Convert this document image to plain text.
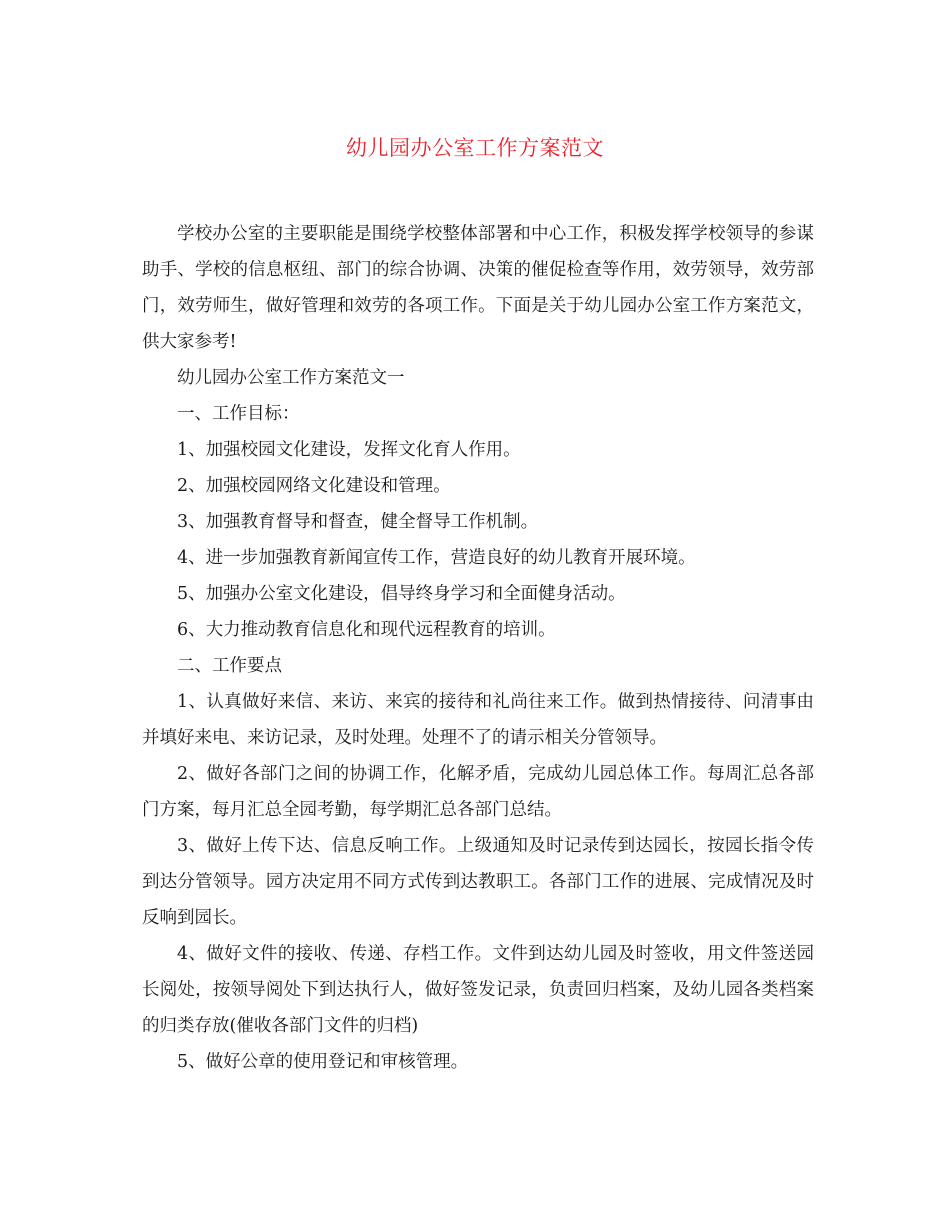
幼儿园办公室工作方案范文

学校办公室的主要职能是围绕学校整体部署和中心工作，积极发挥学校领导的参谋助手、学校的信息枢纽、部门的综合协调、决策的催促检查等作用，效劳领导，效劳部门，效劳师生，做好管理和效劳的各项工作。下面是关于幼儿园办公室工作方案范文，供大家参考!

幼儿园办公室工作方案范文一

一、工作目标：

1、加强校园文化建设，发挥文化育人作用。

2、加强校园网络文化建设和管理。

3、加强教育督导和督查，健全督导工作机制。

4、进一步加强教育新闻宣传工作，营造良好的幼儿教育开展环境。

5、加强办公室文化建设，倡导终身学习和全面健身活动。

6、大力推动教育信息化和现代远程教育的培训。

二、工作要点

1、认真做好来信、来访、来宾的接待和礼尚往来工作。做到热情接待、问清事由并填好来电、来访记录，及时处理。处理不了的请示相关分管领导。

2、做好各部门之间的协调工作，化解矛盾，完成幼儿园总体工作。每周汇总各部门方案，每月汇总全园考勤，每学期汇总各部门总结。

3、做好上传下达、信息反响工作。上级通知及时记录传到达园长，按园长指令传到达分管领导。园方决定用不同方式传到达教职工。各部门工作的进展、完成情况及时反响到园长。

4、做好文件的接收、传递、存档工作。文件到达幼儿园及时签收，用文件签送园长阅处，按领导阅处下到达执行人，做好签发记录，负责回归档案，及幼儿园各类档案的归类存放(催收各部门文件的归档)

5、做好公章的使用登记和审核管理。
